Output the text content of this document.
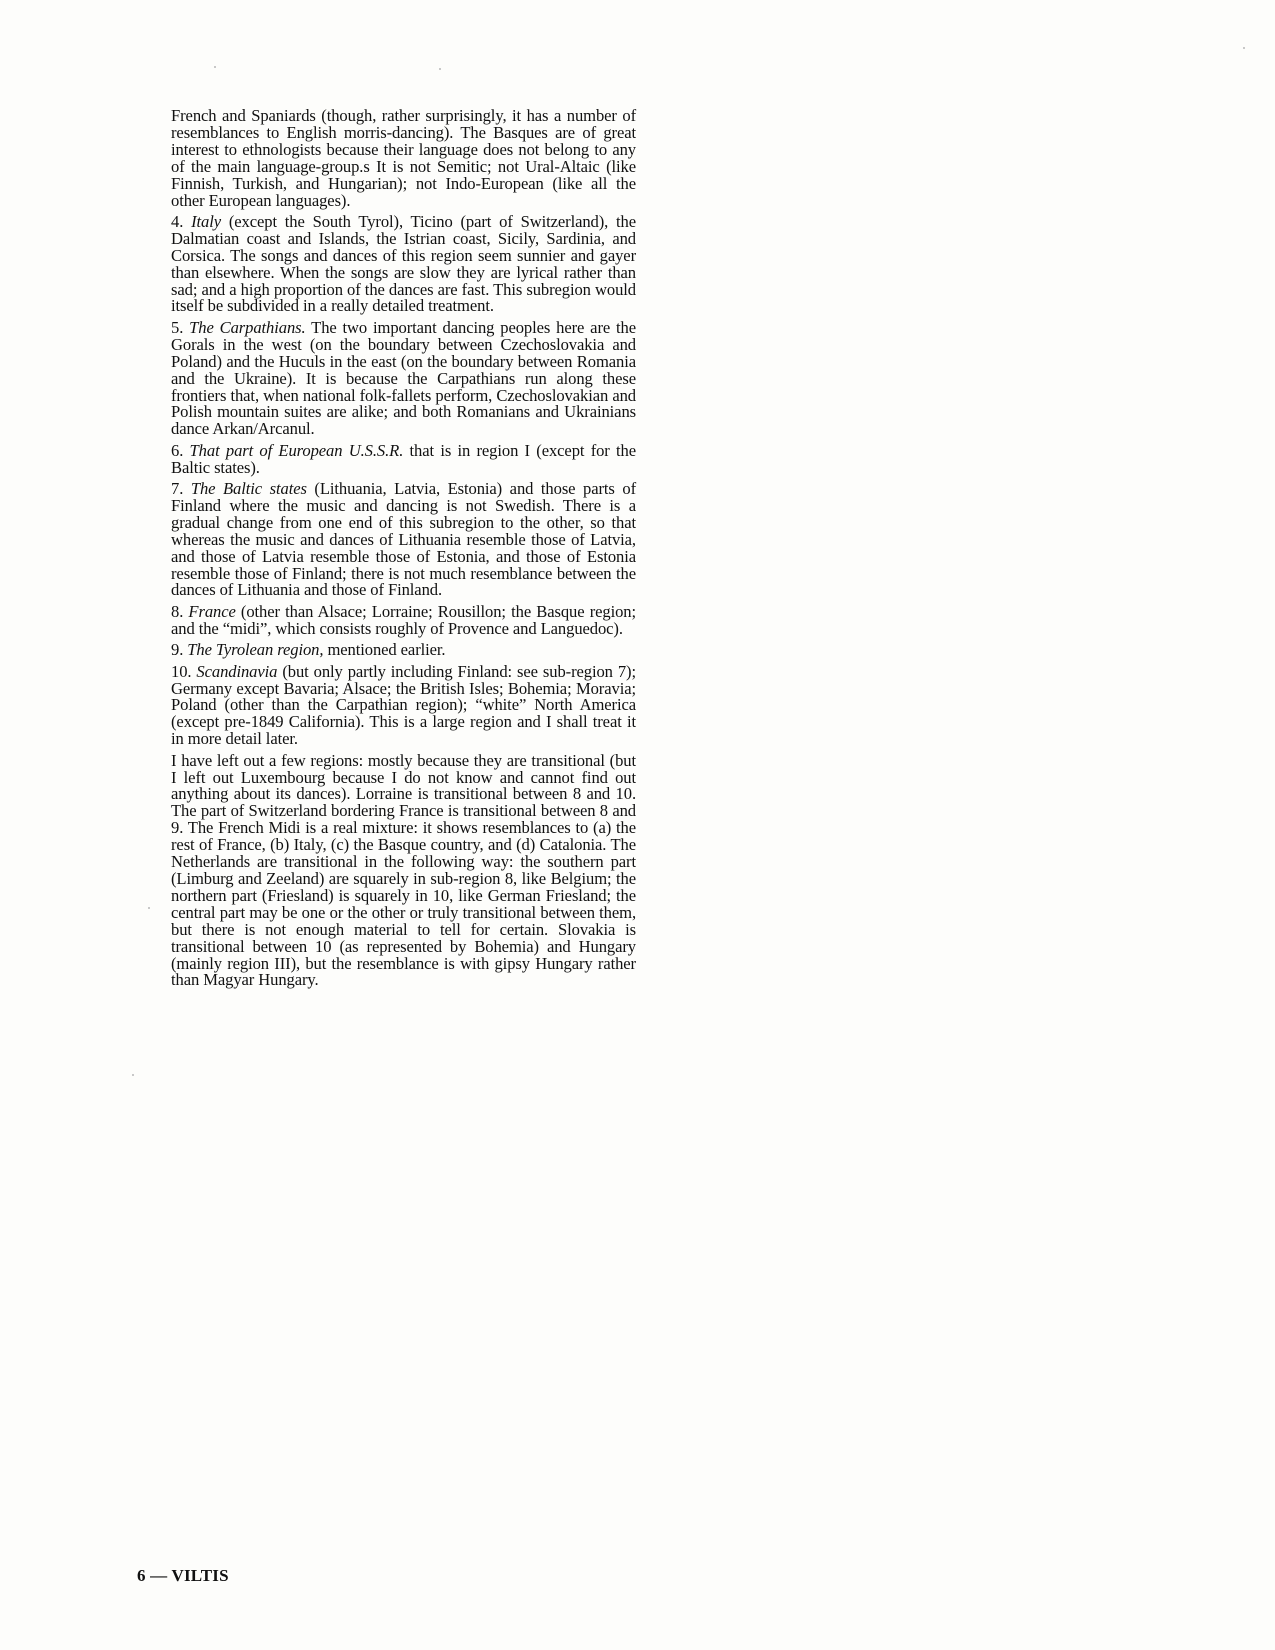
French and Spaniards (though, rather surprisingly, it has a number of resemblances to English morris-dancing). The Basques are of great interest to ethnologists because their language does not belong to any of the main language-group.s It is not Semitic; not Ural-Altaic (like Finnish, Turkish, and Hungarian); not Indo-European (like all the other European languages).

4. Italy (except the South Tyrol), Ticino (part of Switzerland), the Dalmatian coast and Islands, the Istrian coast, Sicily, Sardinia, and Corsica. The songs and dances of this region seem sunnier and gayer than elsewhere. When the songs are slow they are lyrical rather than sad; and a high proportion of the dances are fast. This subregion would itself be subdivided in a really detailed treatment.

5. The Carpathians. The two important dancing peoples here are the Gorals in the west (on the boundary between Czechoslovakia and Poland) and the Huculs in the east (on the boundary between Romania and the Ukraine). It is because the Carpathians run along these frontiers that, when national folk-fallets perform, Czechoslovakian and Polish mountain suites are alike; and both Romanians and Ukrainians dance Arkan/Arcanul.

6. That part of European U.S.S.R. that is in region I (except for the Baltic states).

7. The Baltic states (Lithuania, Latvia, Estonia) and those parts of Finland where the music and dancing is not Swedish. There is a gradual change from one end of this subregion to the other, so that whereas the music and dances of Lithuania resemble those of Latvia, and those of Latvia resemble those of Estonia, and those of Estonia resemble those of Finland; there is not much resemblance between the dances of Lithuania and those of Finland.

8. France (other than Alsace; Lorraine; Rousillon; the Basque region; and the “midi”, which consists roughly of Provence and Languedoc).

9. The Tyrolean region, mentioned earlier.

10. Scandinavia (but only partly including Finland: see sub-region 7); Germany except Bavaria; Alsace; the British Isles; Bohemia; Moravia; Poland (other than the Carpathian region); “white” North America (except pre-1849 California). This is a large region and I shall treat it in more detail later.

I have left out a few regions: mostly because they are transitional (but I left out Luxembourg because I do not know and cannot find out anything about its dances). Lorraine is transitional between 8 and 10. The part of Switzerland bordering France is transitional between 8 and 9. The French Midi is a real mixture: it shows resemblances to (a) the rest of France, (b) Italy, (c) the Basque country, and (d) Catalonia. The Netherlands are transitional in the following way: the southern part (Limburg and Zeeland) are squarely in sub-region 8, like Belgium; the northern part (Friesland) is squarely in 10, like German Friesland; the central part may be one or the other or truly transitional between them, but there is not enough material to tell for certain. Slovakia is transitional between 10 (as represented by Bohemia) and Hungary (mainly region III), but the resemblance is with gipsy Hungary rather than Magyar Hungary.

6 — VILTIS
